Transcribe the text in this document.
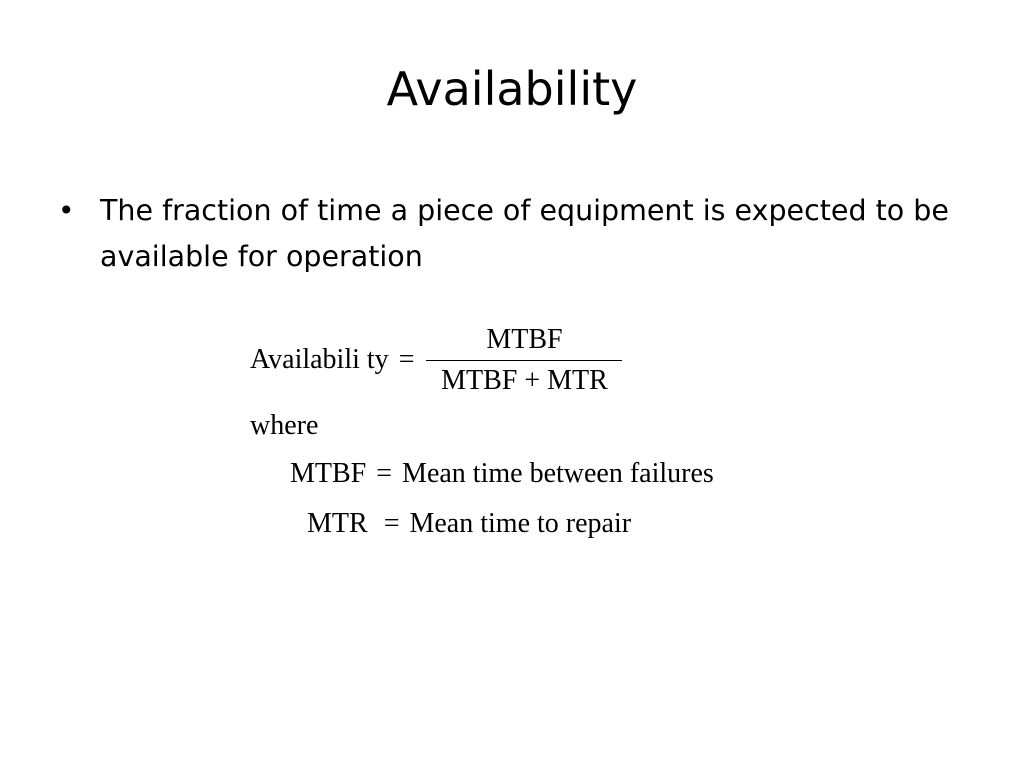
Availability
• The fraction of time a piece of equipment is expected to be available for operation
Availabili ty = $\frac{\text{MTBF}}{\text{MTBF + MTR}}$
where
MTBF = Mean time between failures
MTR = Mean time to repair
